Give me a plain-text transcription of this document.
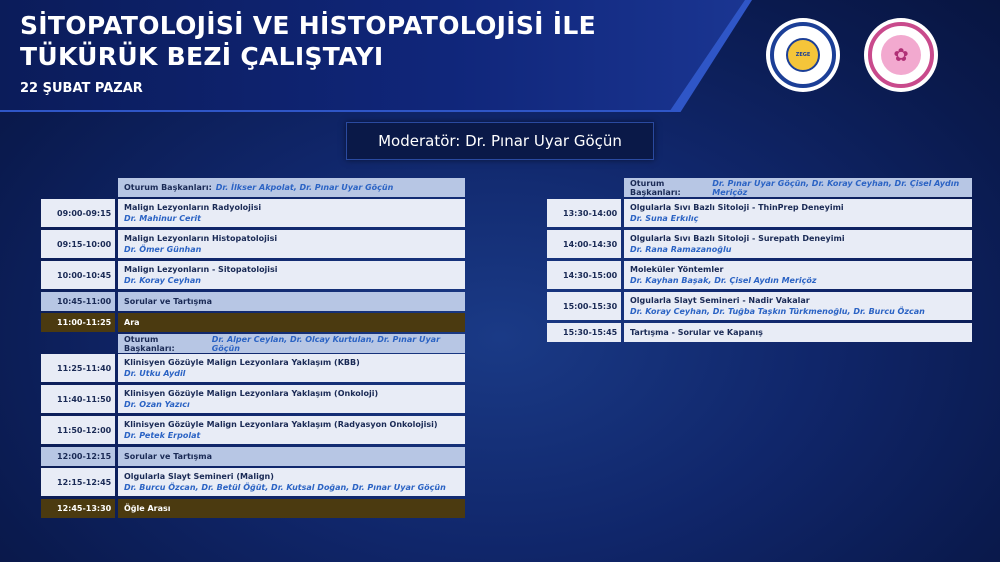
SİTOPATOLOJİSİ VE HİSTOPATOLOJİSİ İLE
TÜKÜRÜK BEZİ ÇALIŞTAYI
22 ŞUBAT PAZAR
ZEGE	✿
Moderatör: Dr. Pınar Uyar Göçün
Oturum Başkanları: Dr. İlkser Akpolat, Dr. Pınar Uyar Göçün
09:00-09:15
Malign Lezyonların Radyolojisi
Dr. Mahinur Cerit
09:15-10:00
Malign Lezyonların Histopatolojisi
Dr. Ömer Günhan
10:00-10:45
Malign Lezyonların - Sitopatolojisi
Dr. Koray Ceyhan
10:45-11:00	Sorular ve Tartışma
11:00-11:25	Ara
Oturum Başkanları:
Dr. Alper Ceylan, Dr. Olcay Kurtulan, Dr. Pınar Uyar Göçün
11:25-11:40
Klinisyen Gözüyle Malign Lezyonlara Yaklaşım (KBB)
Dr. Utku Aydil
11:40-11:50
Klinisyen Gözüyle Malign Lezyonlara Yaklaşım (Onkoloji)
Dr. Ozan Yazıcı
11:50-12:00
Klinisyen Gözüyle Malign Lezyonlara Yaklaşım (Radyasyon Onkolojisi)
Dr. Petek Erpolat
12:00-12:15	Sorular ve Tartışma
12:15-12:45
Olgularla Slayt Semineri (Malign)
Dr. Burcu Özcan, Dr. Betül Öğüt, Dr. Kutsal Doğan, Dr. Pınar Uyar Göçün
12:45-13:30	Öğle Arası
Oturum Başkanları:
Dr. Pınar Uyar Göçün, Dr. Koray Ceyhan, Dr. Çisel Aydın Meriçöz
13:30-14:00
Olgularla Sıvı Bazlı Sitoloji - ThinPrep Deneyimi
Dr. Suna Erkılıç
14:00-14:30
Olgularla Sıvı Bazlı Sitoloji - Surepath Deneyimi
Dr. Rana Ramazanoğlu
14:30-15:00
Moleküler Yöntemler
Dr. Kayhan Başak, Dr. Çisel Aydın Meriçöz
15:00-15:30
Olgularla Slayt Semineri - Nadir Vakalar
Dr. Koray Ceyhan, Dr. Tuğba Taşkın Türkmenoğlu, Dr. Burcu Özcan
15:30-15:45	Tartışma - Sorular ve Kapanış
